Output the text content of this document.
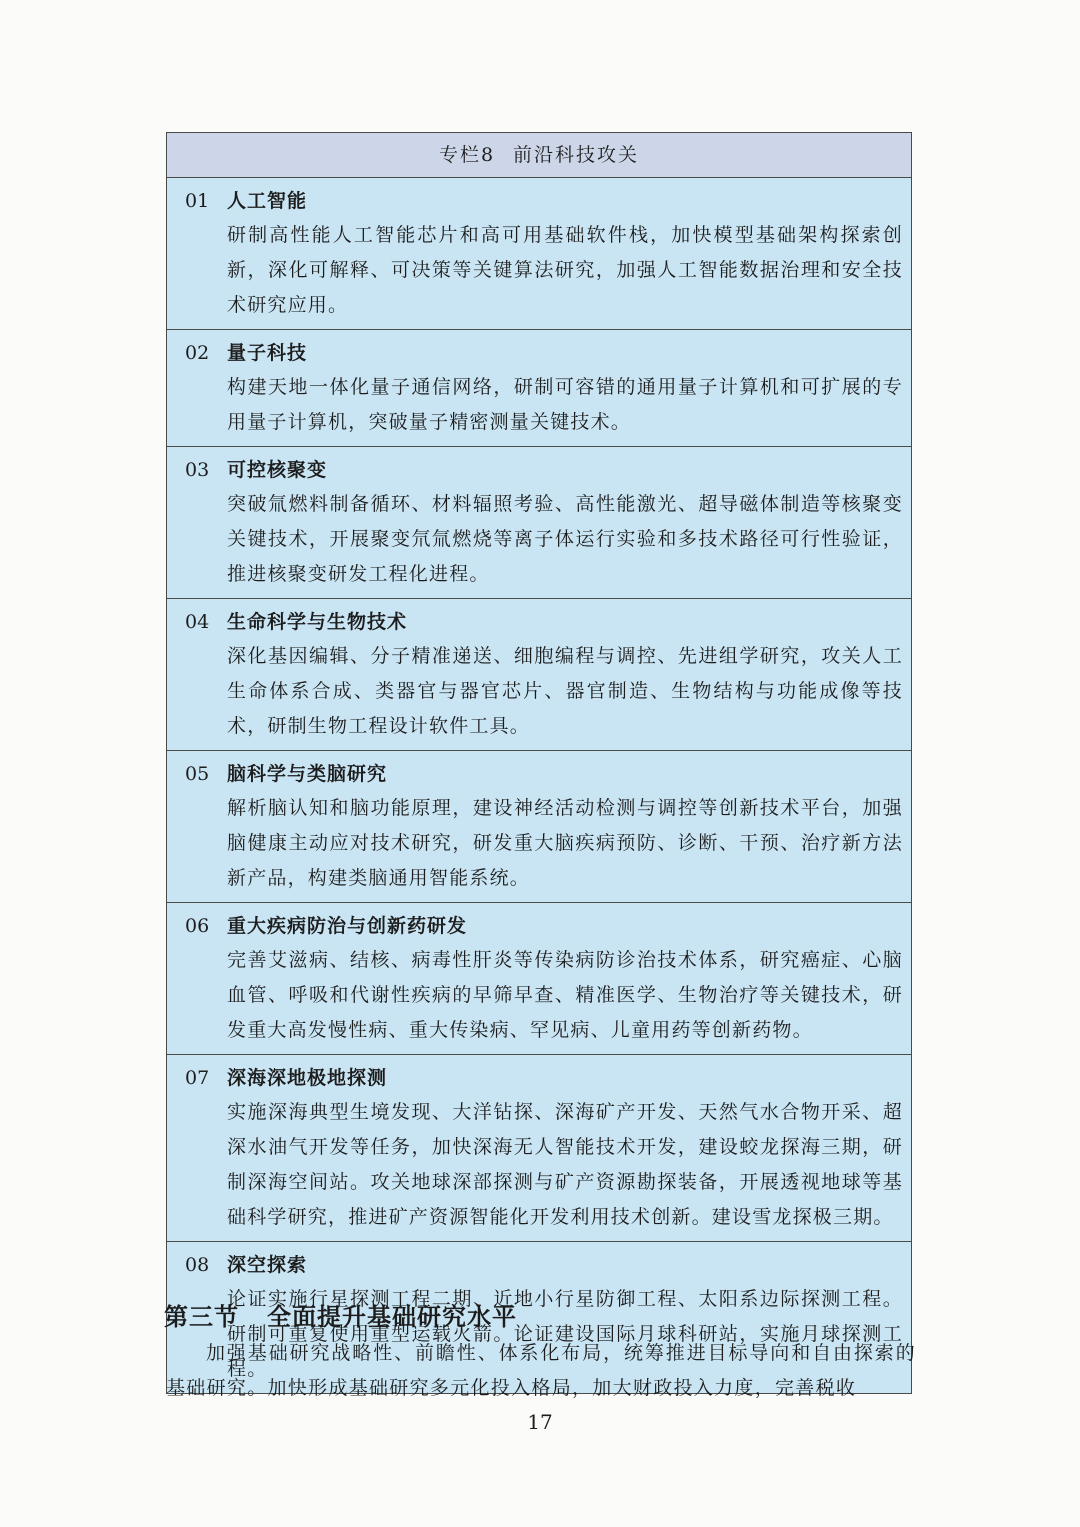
专栏8 前沿科技攻关
01 人工智能
研制高性能人工智能芯片和高可用基础软件栈，加快模型基础架构探索创新，深化可解释、可决策等关键算法研究，加强人工智能数据治理和安全技术研究应用。
02 量子科技
构建天地一体化量子通信网络，研制可容错的通用量子计算机和可扩展的专用量子计算机，突破量子精密测量关键技术。
03 可控核聚变
突破氚燃料制备循环、材料辐照考验、高性能激光、超导磁体制造等核聚变关键技术，开展聚变氘氚燃烧等离子体运行实验和多技术路径可行性验证，推进核聚变研发工程化进程。
04 生命科学与生物技术
深化基因编辑、分子精准递送、细胞编程与调控、先进组学研究，攻关人工生命体系合成、类器官与器官芯片、器官制造、生物结构与功能成像等技术，研制生物工程设计软件工具。
05 脑科学与类脑研究
解析脑认知和脑功能原理，建设神经活动检测与调控等创新技术平台，加强脑健康主动应对技术研究，研发重大脑疾病预防、诊断、干预、治疗新方法新产品，构建类脑通用智能系统。
06 重大疾病防治与创新药研发
完善艾滋病、结核、病毒性肝炎等传染病防诊治技术体系，研究癌症、心脑血管、呼吸和代谢性疾病的早筛早查、精准医学、生物治疗等关键技术，研发重大高发慢性病、重大传染病、罕见病、儿童用药等创新药物。
07 深海深地极地探测
实施深海典型生境发现、大洋钻探、深海矿产开发、天然气水合物开采、超深水油气开发等任务，加快深海无人智能技术开发，建设蛟龙探海三期，研制深海空间站。攻关地球深部探测与矿产资源勘探装备，开展透视地球等基础科学研究，推进矿产资源智能化开发利用技术创新。建设雪龙探极三期。
08 深空探索
论证实施行星探测工程二期、近地小行星防御工程、太阳系边际探测工程。研制可重复使用重型运载火箭。论证建设国际月球科研站，实施月球探测工程。
第三节 全面提升基础研究水平
加强基础研究战略性、前瞻性、体系化布局，统筹推进目标导向和自由探索的基础研究。加快形成基础研究多元化投入格局，加大财政投入力度，完善税收
17
